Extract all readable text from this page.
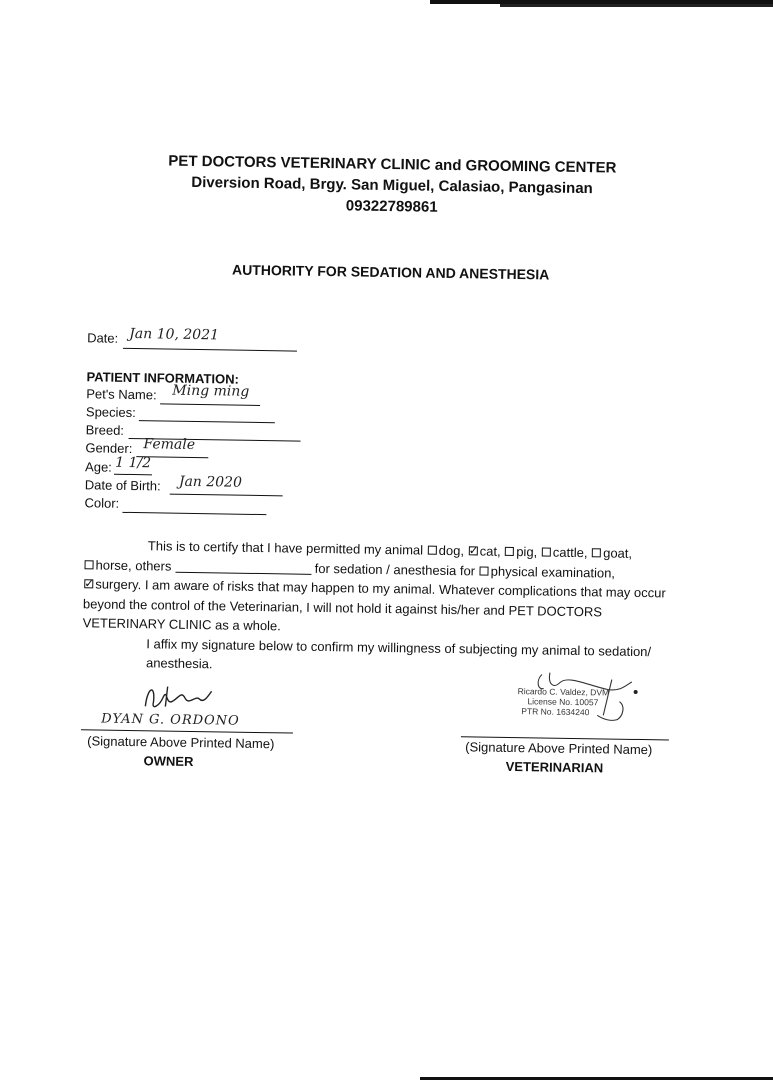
PET DOCTORS VETERINARY CLINIC and GROOMING CENTER
Diversion Road, Brgy. San Miguel, Calasiao, Pangasinan
09322789861
AUTHORITY FOR SEDATION AND ANESTHESIA
Date: Jan 10, 2021
PATIENT INFORMATION:
Pet's Name: Ming ming
Species:
Breed:
Gender: Female
Age: 1 1/2
Date of Birth: Jan 2020
Color:
This is to certify that I have permitted my animal dog, ✓ cat, pig, cattle, goat,
horse, others	for sedation / anesthesia for physical examination,
✓ surgery. I am aware of risks that may happen to my animal. Whatever complications that may occur beyond the control of the Veterinarian, I will not hold it against his/her and PET DOCTORS VETERINARY CLINIC as a whole.
I affix my signature below to confirm my willingness of subjecting my animal to sedation/ anesthesia.
DYAN G. ORDONO
(Signature Above Printed Name)
OWNER
Ricardo C. Valdez, DVM
License No. 10057
PTR No. 1634240
(Signature Above Printed Name)
VETERINARIAN
